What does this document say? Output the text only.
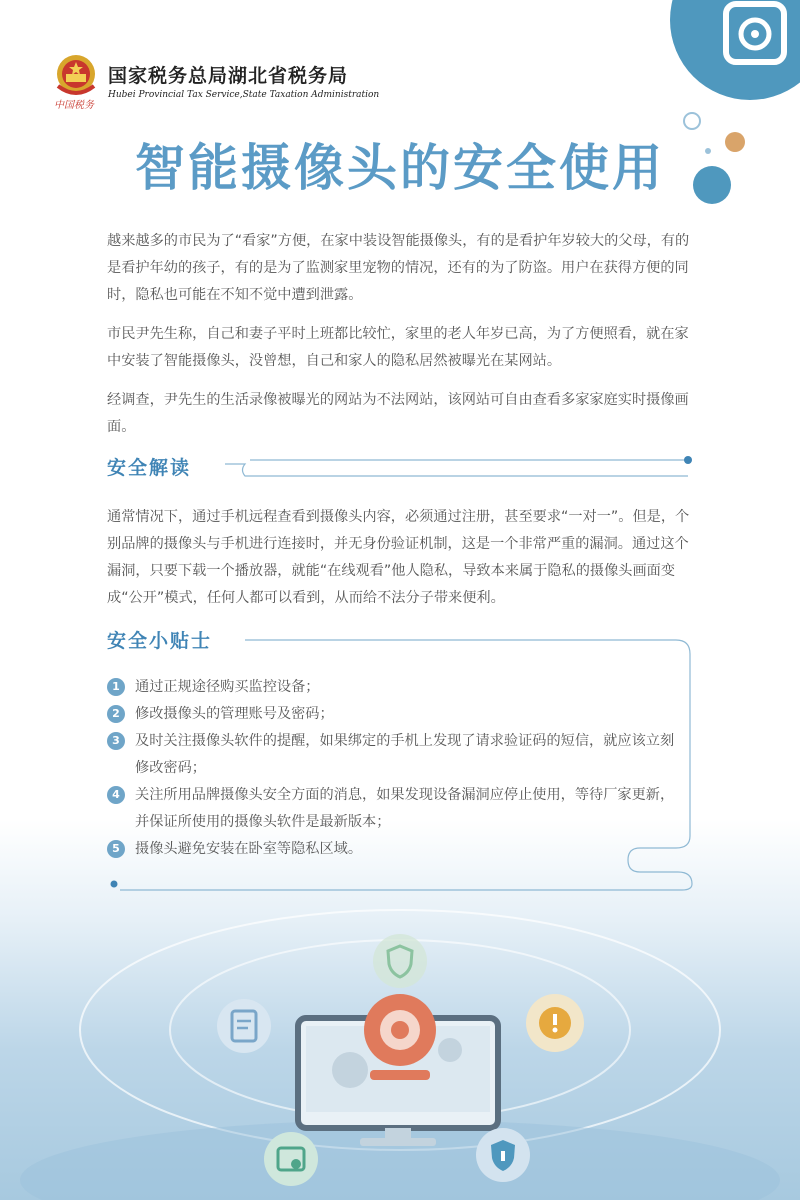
中国税务
国家税务总局湖北省税务局
Hubei Provincial Tax Service,State Taxation Administration
智能摄像头的安全使用
越来越多的市民为了“看家”方便，在家中装设智能摄像头，有的是看护年岁较大的父母，有的是看护年幼的孩子，有的是为了监测家里宠物的情况，还有的为了防盗。用户在获得方便的同时，隐私也可能在不知不觉中遭到泄露。
市民尹先生称，自己和妻子平时上班都比较忙，家里的老人年岁已高，为了方便照看，就在家中安装了智能摄像头，没曾想，自己和家人的隐私居然被曝光在某网站。
经调查，尹先生的生活录像被曝光的网站为不法网站，该网站可自由查看多家家庭实时摄像画面。
安全解读
通常情况下，通过手机远程查看到摄像头内容，必须通过注册，甚至要求“一对一”。但是，个别品牌的摄像头与手机进行连接时，并无身份验证机制，这是一个非常严重的漏洞。通过这个漏洞，只要下载一个播放器，就能“在线观看”他人隐私，导致本来属于隐私的摄像头画面变成“公开”模式，任何人都可以看到，从而给不法分子带来便利。
安全小贴士
1	通过正规途径购买监控设备；
2	修改摄像头的管理账号及密码；
3	及时关注摄像头软件的提醒，如果绑定的手机上发现了请求验证码的短信，就应该立刻修改密码；
4	关注所用品牌摄像头安全方面的消息，如果发现设备漏洞应停止使用，等待厂家更新，并保证所使用的摄像头软件是最新版本；
5	摄像头避免安装在卧室等隐私区域。
